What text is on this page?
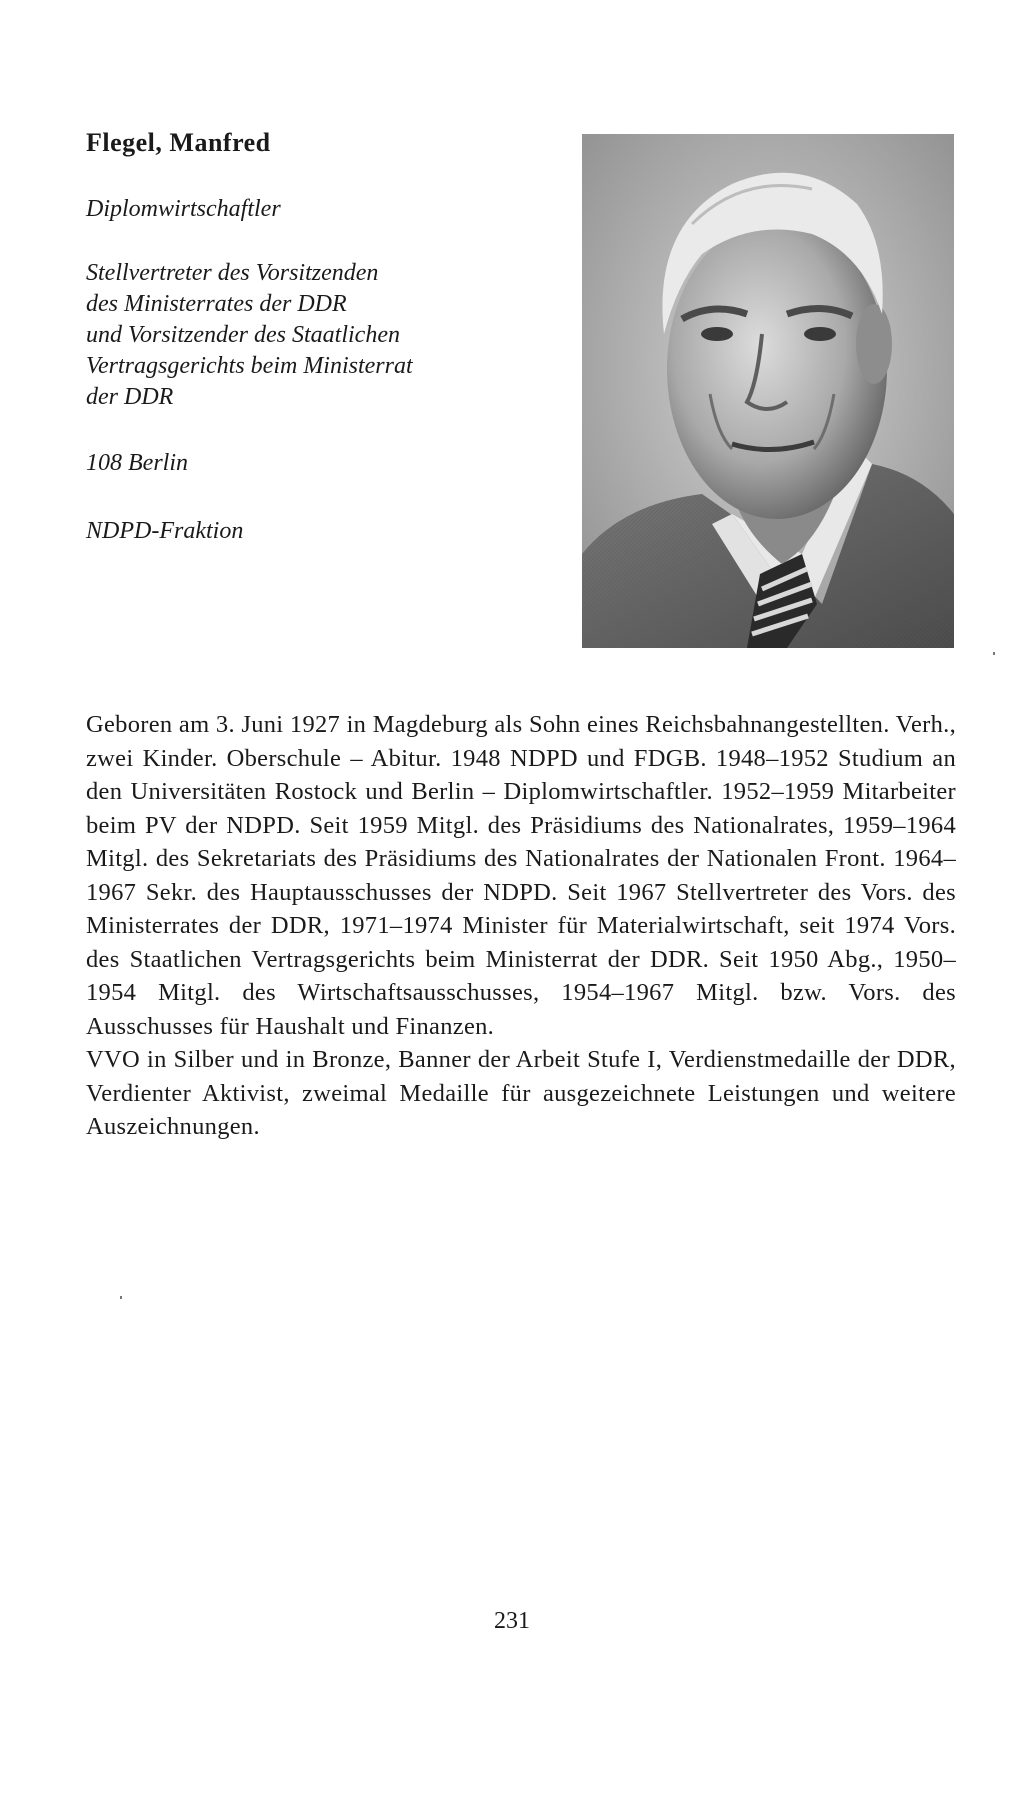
Flegel, Manfred
Diplomwirtschaftler
Stellvertreter des Vorsitzenden
des Ministerrates der DDR
und Vorsitzender des Staatlichen
Vertragsgerichts beim Ministerrat
der DDR
108 Berlin
NDPD-Fraktion

Geboren am 3. Juni 1927 in Magdeburg als Sohn eines Reichsbahnangestellten. Verh., zwei Kinder. Oberschule – Abitur. 1948 NDPD und FDGB. 1948–1952 Studium an den Universitäten Rostock und Berlin – Diplomwirtschaftler. 1952–1959 Mitarbeiter beim PV der NDPD. Seit 1959 Mitgl. des Präsidiums des Nationalrates, 1959–1964 Mitgl. des Sekretariats des Präsidiums des Nationalrates der Nationalen Front. 1964–1967 Sekr. des Hauptausschusses der NDPD. Seit 1967 Stellvertreter des Vors. des Ministerrates der DDR, 1971–1974 Minister für Materialwirtschaft, seit 1974 Vors. des Staatlichen Vertragsgerichts beim Ministerrat der DDR. Seit 1950 Abg., 1950–1954 Mitgl. des Wirtschaftsausschusses, 1954–1967 Mitgl. bzw. Vors. des Ausschusses für Haushalt und Finanzen.

VVO in Silber und in Bronze, Banner der Arbeit Stufe I, Verdienstmedaille der DDR, Verdienter Aktivist, zweimal Medaille für ausgezeichnete Leistungen und weitere Auszeichnungen.

231
